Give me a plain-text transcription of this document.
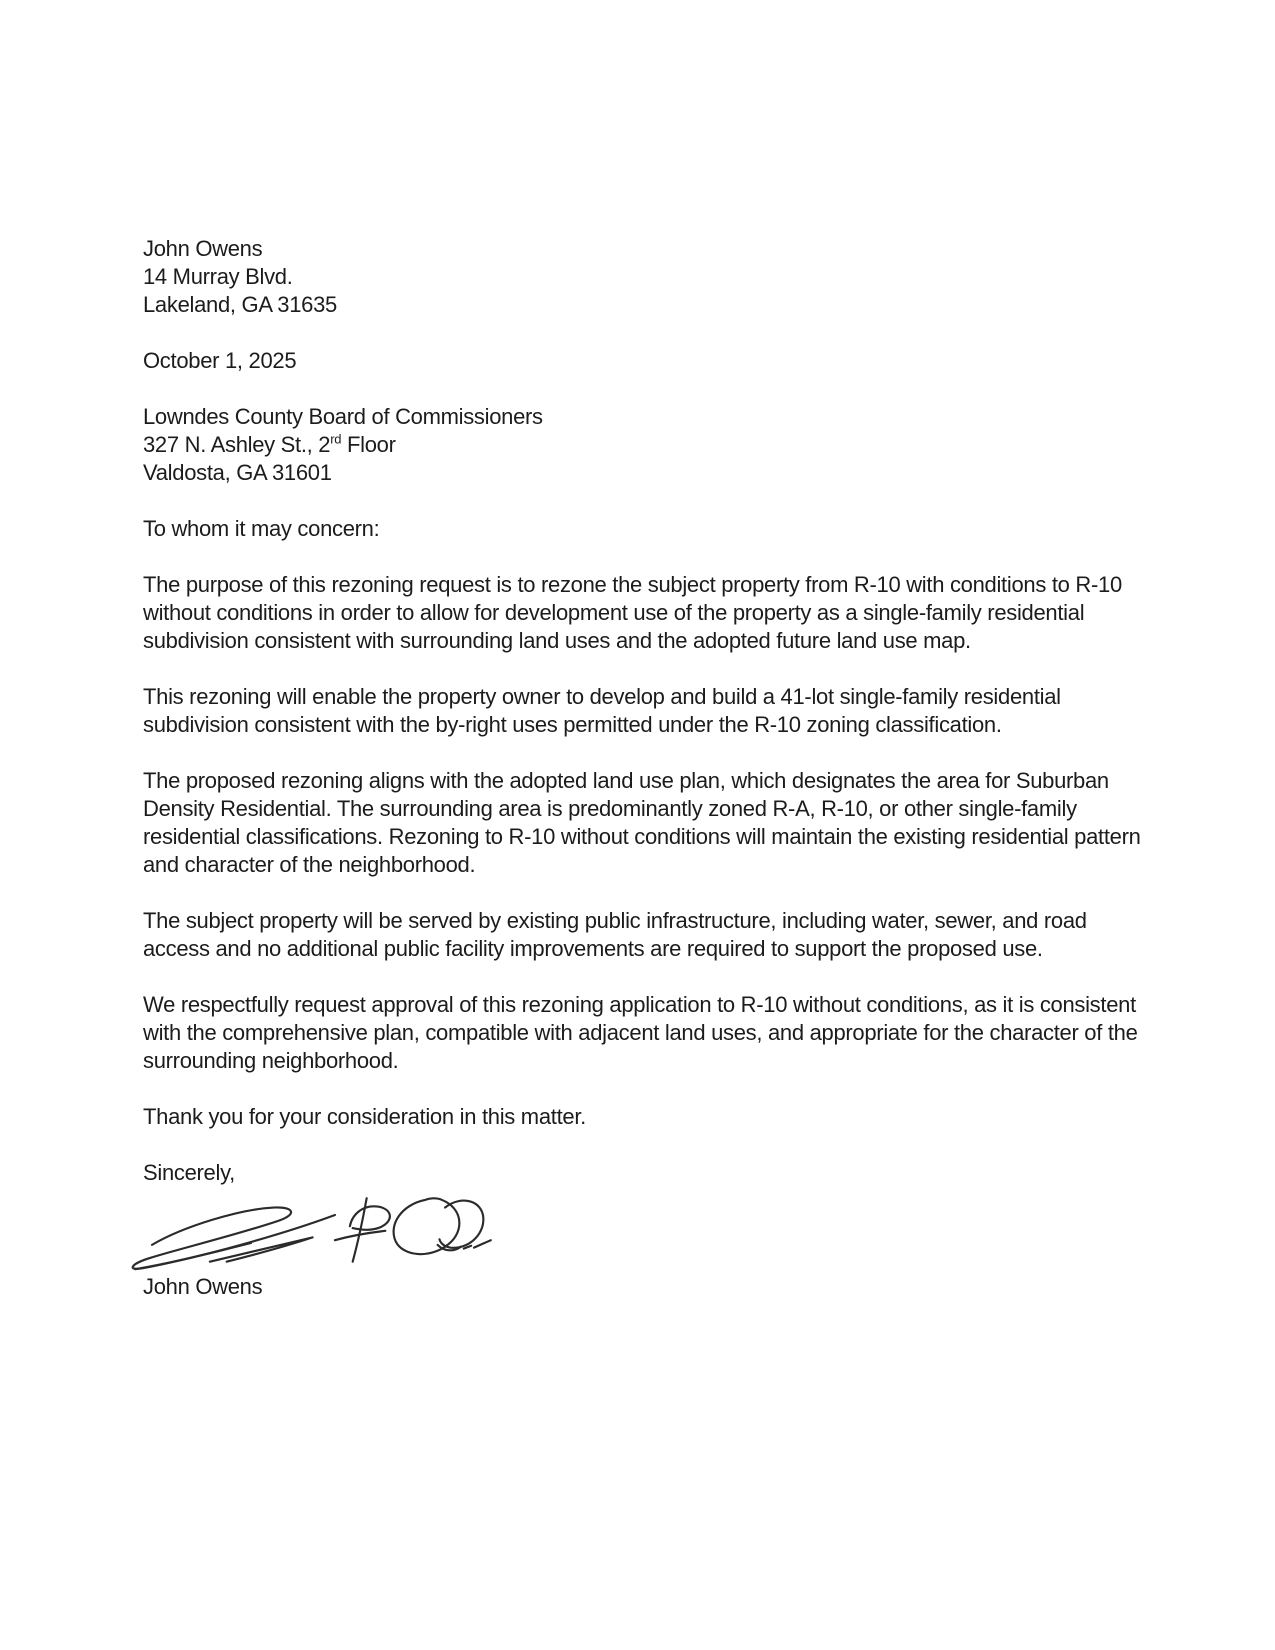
John Owens
14 Murray Blvd.
Lakeland, GA 31635
October 1, 2025
Lowndes County Board of Commissioners
327 N. Ashley St., 2rd Floor
Valdosta, GA 31601
To whom it may concern:

The purpose of this rezoning request is to rezone the subject property from R-10 with conditions to R-10 without conditions in order to allow for development use of the property as a single-family residential subdivision consistent with surrounding land uses and the adopted future land use map.

This rezoning will enable the property owner to develop and build a 41-lot single-family residential subdivision consistent with the by-right uses permitted under the R-10 zoning classification.

The proposed rezoning aligns with the adopted land use plan, which designates the area for Suburban Density Residential. The surrounding area is predominantly zoned R-A, R-10, or other single-family residential classifications. Rezoning to R-10 without conditions will maintain the existing residential pattern and character of the neighborhood.

The subject property will be served by existing public infrastructure, including water, sewer, and road access and no additional public facility improvements are required to support the proposed use.

We respectfully request approval of this rezoning application to R-10 without conditions, as it is consistent with the comprehensive plan, compatible with adjacent land uses, and appropriate for the character of the surrounding neighborhood.

Thank you for your consideration in this matter.

Sincerely,
John Owens
